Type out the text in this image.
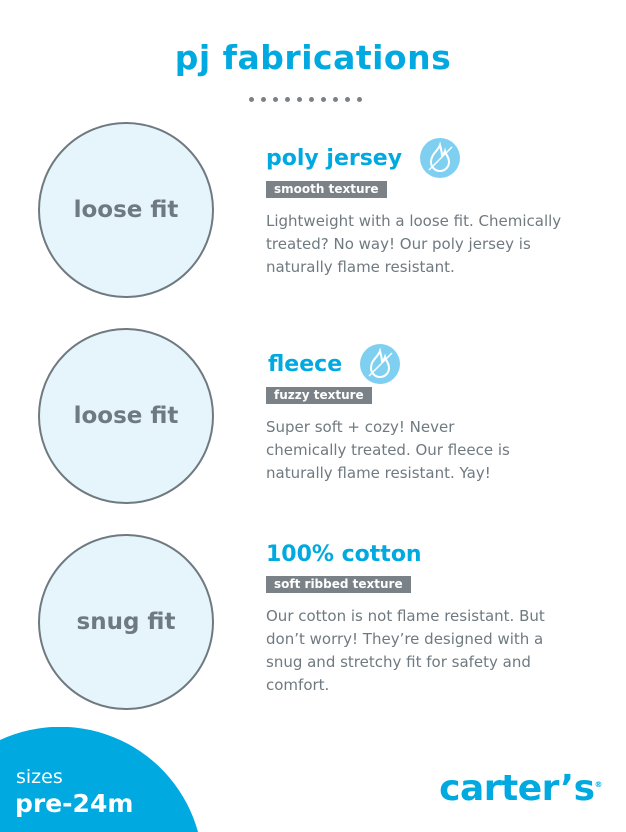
pj fabrications
loose fit
loose fit
snug fit
poly jersey
smooth texture

Lightweight with a loose fit. Chemically treated? No way! Our poly jersey is naturally flame resistant.

fleece
fuzzy texture

Super soft + cozy! Never chemically treated. Our fleece is naturally flame resistant. Yay!

100% cotton
soft ribbed texture

Our cotton is not flame resistant. But don’t worry! They’re designed with a snug and stretchy fit for safety and comfort.

sizes
pre-24m	carter’s®
